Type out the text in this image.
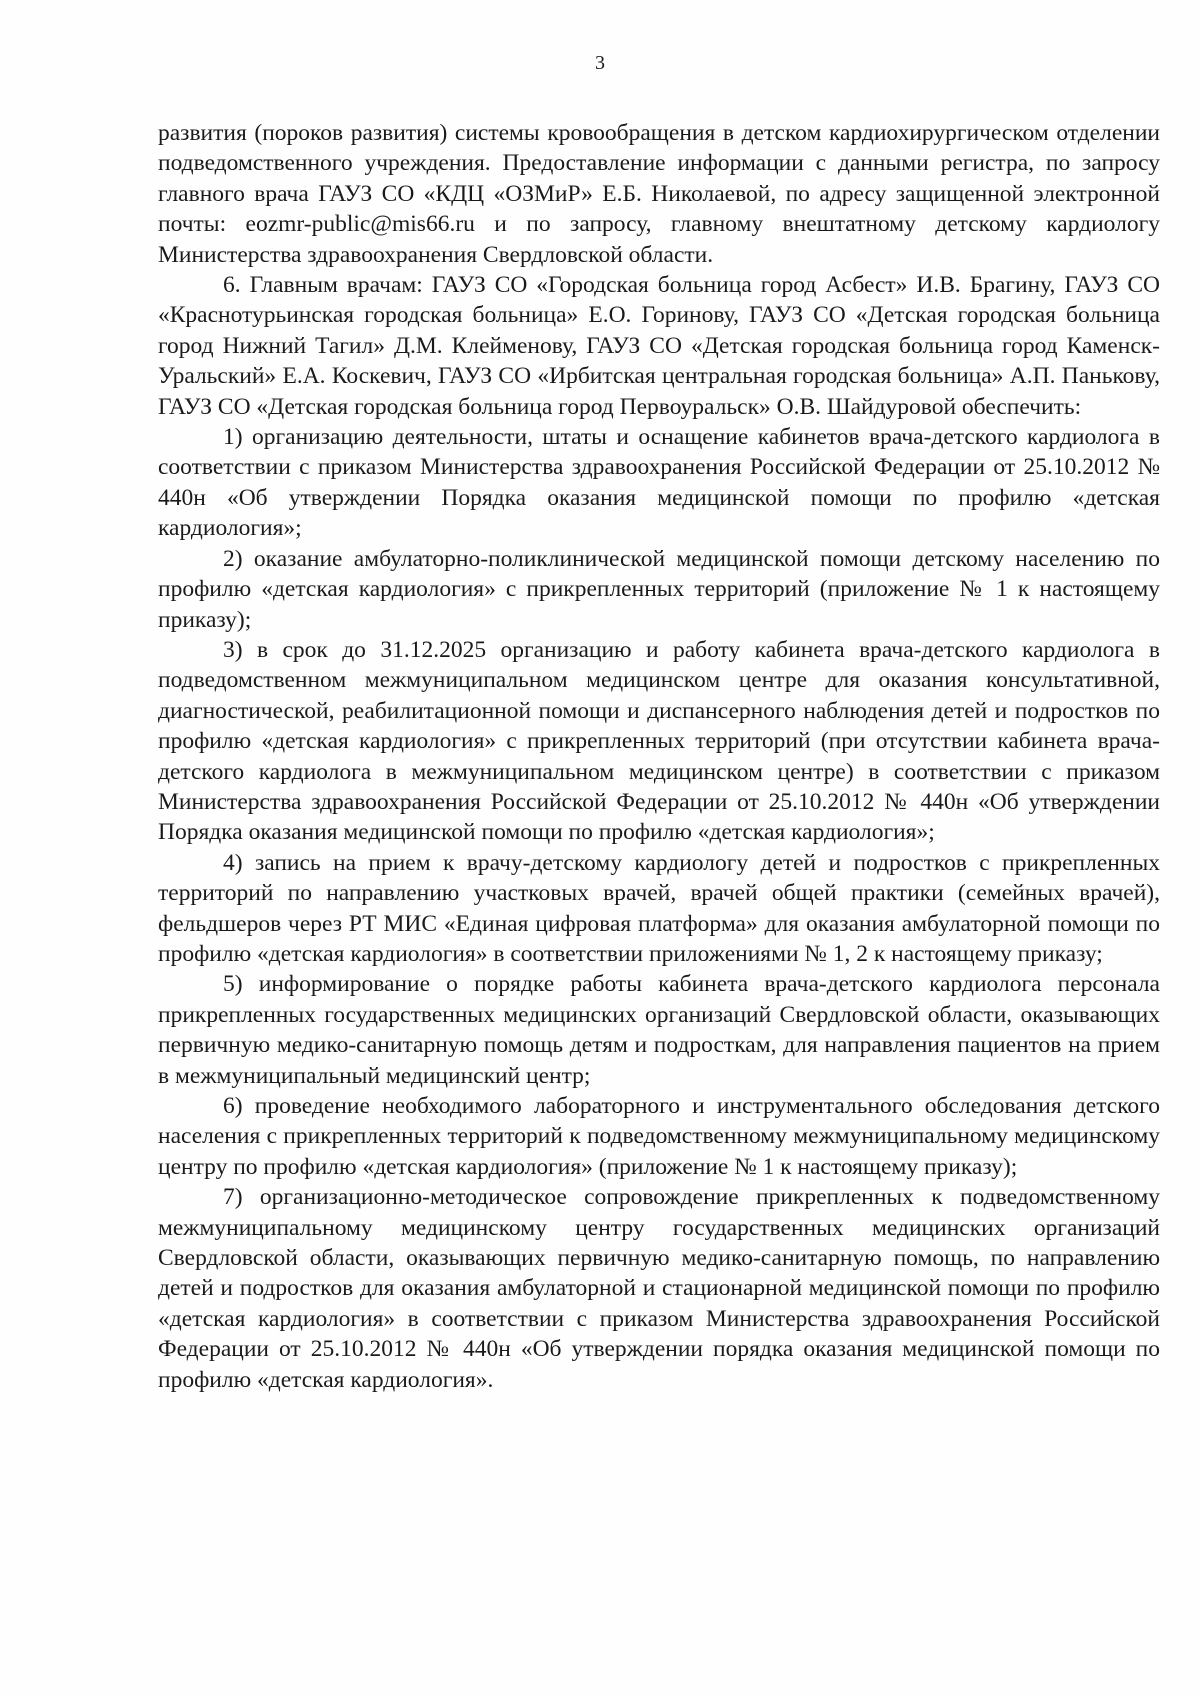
3

развития (пороков развития) системы кровообращения в детском кардиохирургическом отделении подведомственного учреждения. Предоставление информации с данными регистра, по запросу главного врача ГАУЗ СО «КДЦ «ОЗМиР» Е.Б. Николаевой, по адресу защищенной электронной почты: eozmr-public@mis66.ru и по запросу, главному внештатному детскому кардиологу Министерства здравоохранения Свердловской области.

6. Главным врачам: ГАУЗ СО «Городская больница город Асбест» И.В. Брагину, ГАУЗ СО «Краснотурьинская городская больница» Е.О. Горинову, ГАУЗ СО «Детская городская больница город Нижний Тагил» Д.М. Клейменову, ГАУЗ СО «Детская городская больница город Каменск-Уральский» Е.А. Коскевич, ГАУЗ СО «Ирбитская центральная городская больница» А.П. Панькову, ГАУЗ СО «Детская городская больница город Первоуральск» О.В. Шайдуровой обеспечить:

1) организацию деятельности, штаты и оснащение кабинетов врача-детского кардиолога в соответствии с приказом Министерства здравоохранения Российской Федерации от 25.10.2012 № 440н «Об утверждении Порядка оказания медицинской помощи по профилю «детская кардиология»;

2) оказание амбулаторно-поликлинической медицинской помощи детскому населению по профилю «детская кардиология» с прикрепленных территорий (приложение № 1 к настоящему приказу);

3) в срок до 31.12.2025 организацию и работу кабинета врача-детского кардиолога в подведомственном межмуниципальном медицинском центре для оказания консультативной, диагностической, реабилитационной помощи и диспансерного наблюдения детей и подростков по профилю «детская кардиология» с прикрепленных территорий (при отсутствии кабинета врача-детского кардиолога в межмуниципальном медицинском центре) в соответствии с приказом Министерства здравоохранения Российской Федерации от 25.10.2012 № 440н «Об утверждении Порядка оказания медицинской помощи по профилю «детская кардиология»;

4) запись на прием к врачу-детскому кардиологу детей и подростков с прикрепленных территорий по направлению участковых врачей, врачей общей практики (семейных врачей), фельдшеров через РТ МИС «Единая цифровая платформа» для оказания амбулаторной помощи по профилю «детская кардиология» в соответствии приложениями № 1, 2 к настоящему приказу;

5) информирование о порядке работы кабинета врача-детского кардиолога персонала прикрепленных государственных медицинских организаций Свердловской области, оказывающих первичную медико-санитарную помощь детям и подросткам, для направления пациентов на прием в межмуниципальный медицинский центр;

6) проведение необходимого лабораторного и инструментального обследования детского населения с прикрепленных территорий к подведомственному межмуниципальному медицинскому центру по профилю «детская кардиология» (приложение № 1 к настоящему приказу);

7) организационно-методическое сопровождение прикрепленных к подведомственному межмуниципальному медицинскому центру государственных медицинских организаций Свердловской области, оказывающих первичную медико-санитарную помощь, по направлению детей и подростков для оказания амбулаторной и стационарной медицинской помощи по профилю «детская кардиология» в соответствии с приказом Министерства здравоохранения Российской Федерации от 25.10.2012 № 440н «Об утверждении порядка оказания медицинской помощи по профилю «детская кардиология».
